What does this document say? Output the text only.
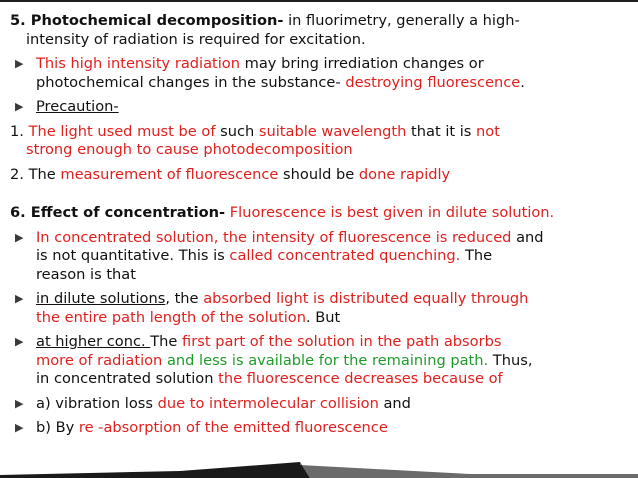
5. Photochemical decomposition- in fluorimetry, generally a high-

intensity of radiation is required for excitation.

▶ This high intensity radiation may bring irrediation changes or
photochemical changes in the substance- destroying fluorescence.

▶ Precaution-

1. The light used must be of such suitable wavelength that it is not

strong enough to cause photodecomposition

2. The measurement of fluorescence should be done rapidly

6. Effect of concentration- Fluorescence is best given in dilute solution.

▶ In concentrated solution, the intensity of fluorescence is reduced and
is not quantitative. This is called concentrated quenching. The
reason is that

▶ in dilute solutions, the absorbed light is distributed equally through
the entire path length of the solution. But

▶ at higher conc. The first part of the solution in the path absorbs
more of radiation and less is available for the remaining path. Thus,
in concentrated solution the fluorescence decreases because of

▶ a) vibration loss due to intermolecular collision and

▶ b) By re -absorption of the emitted fluorescence
